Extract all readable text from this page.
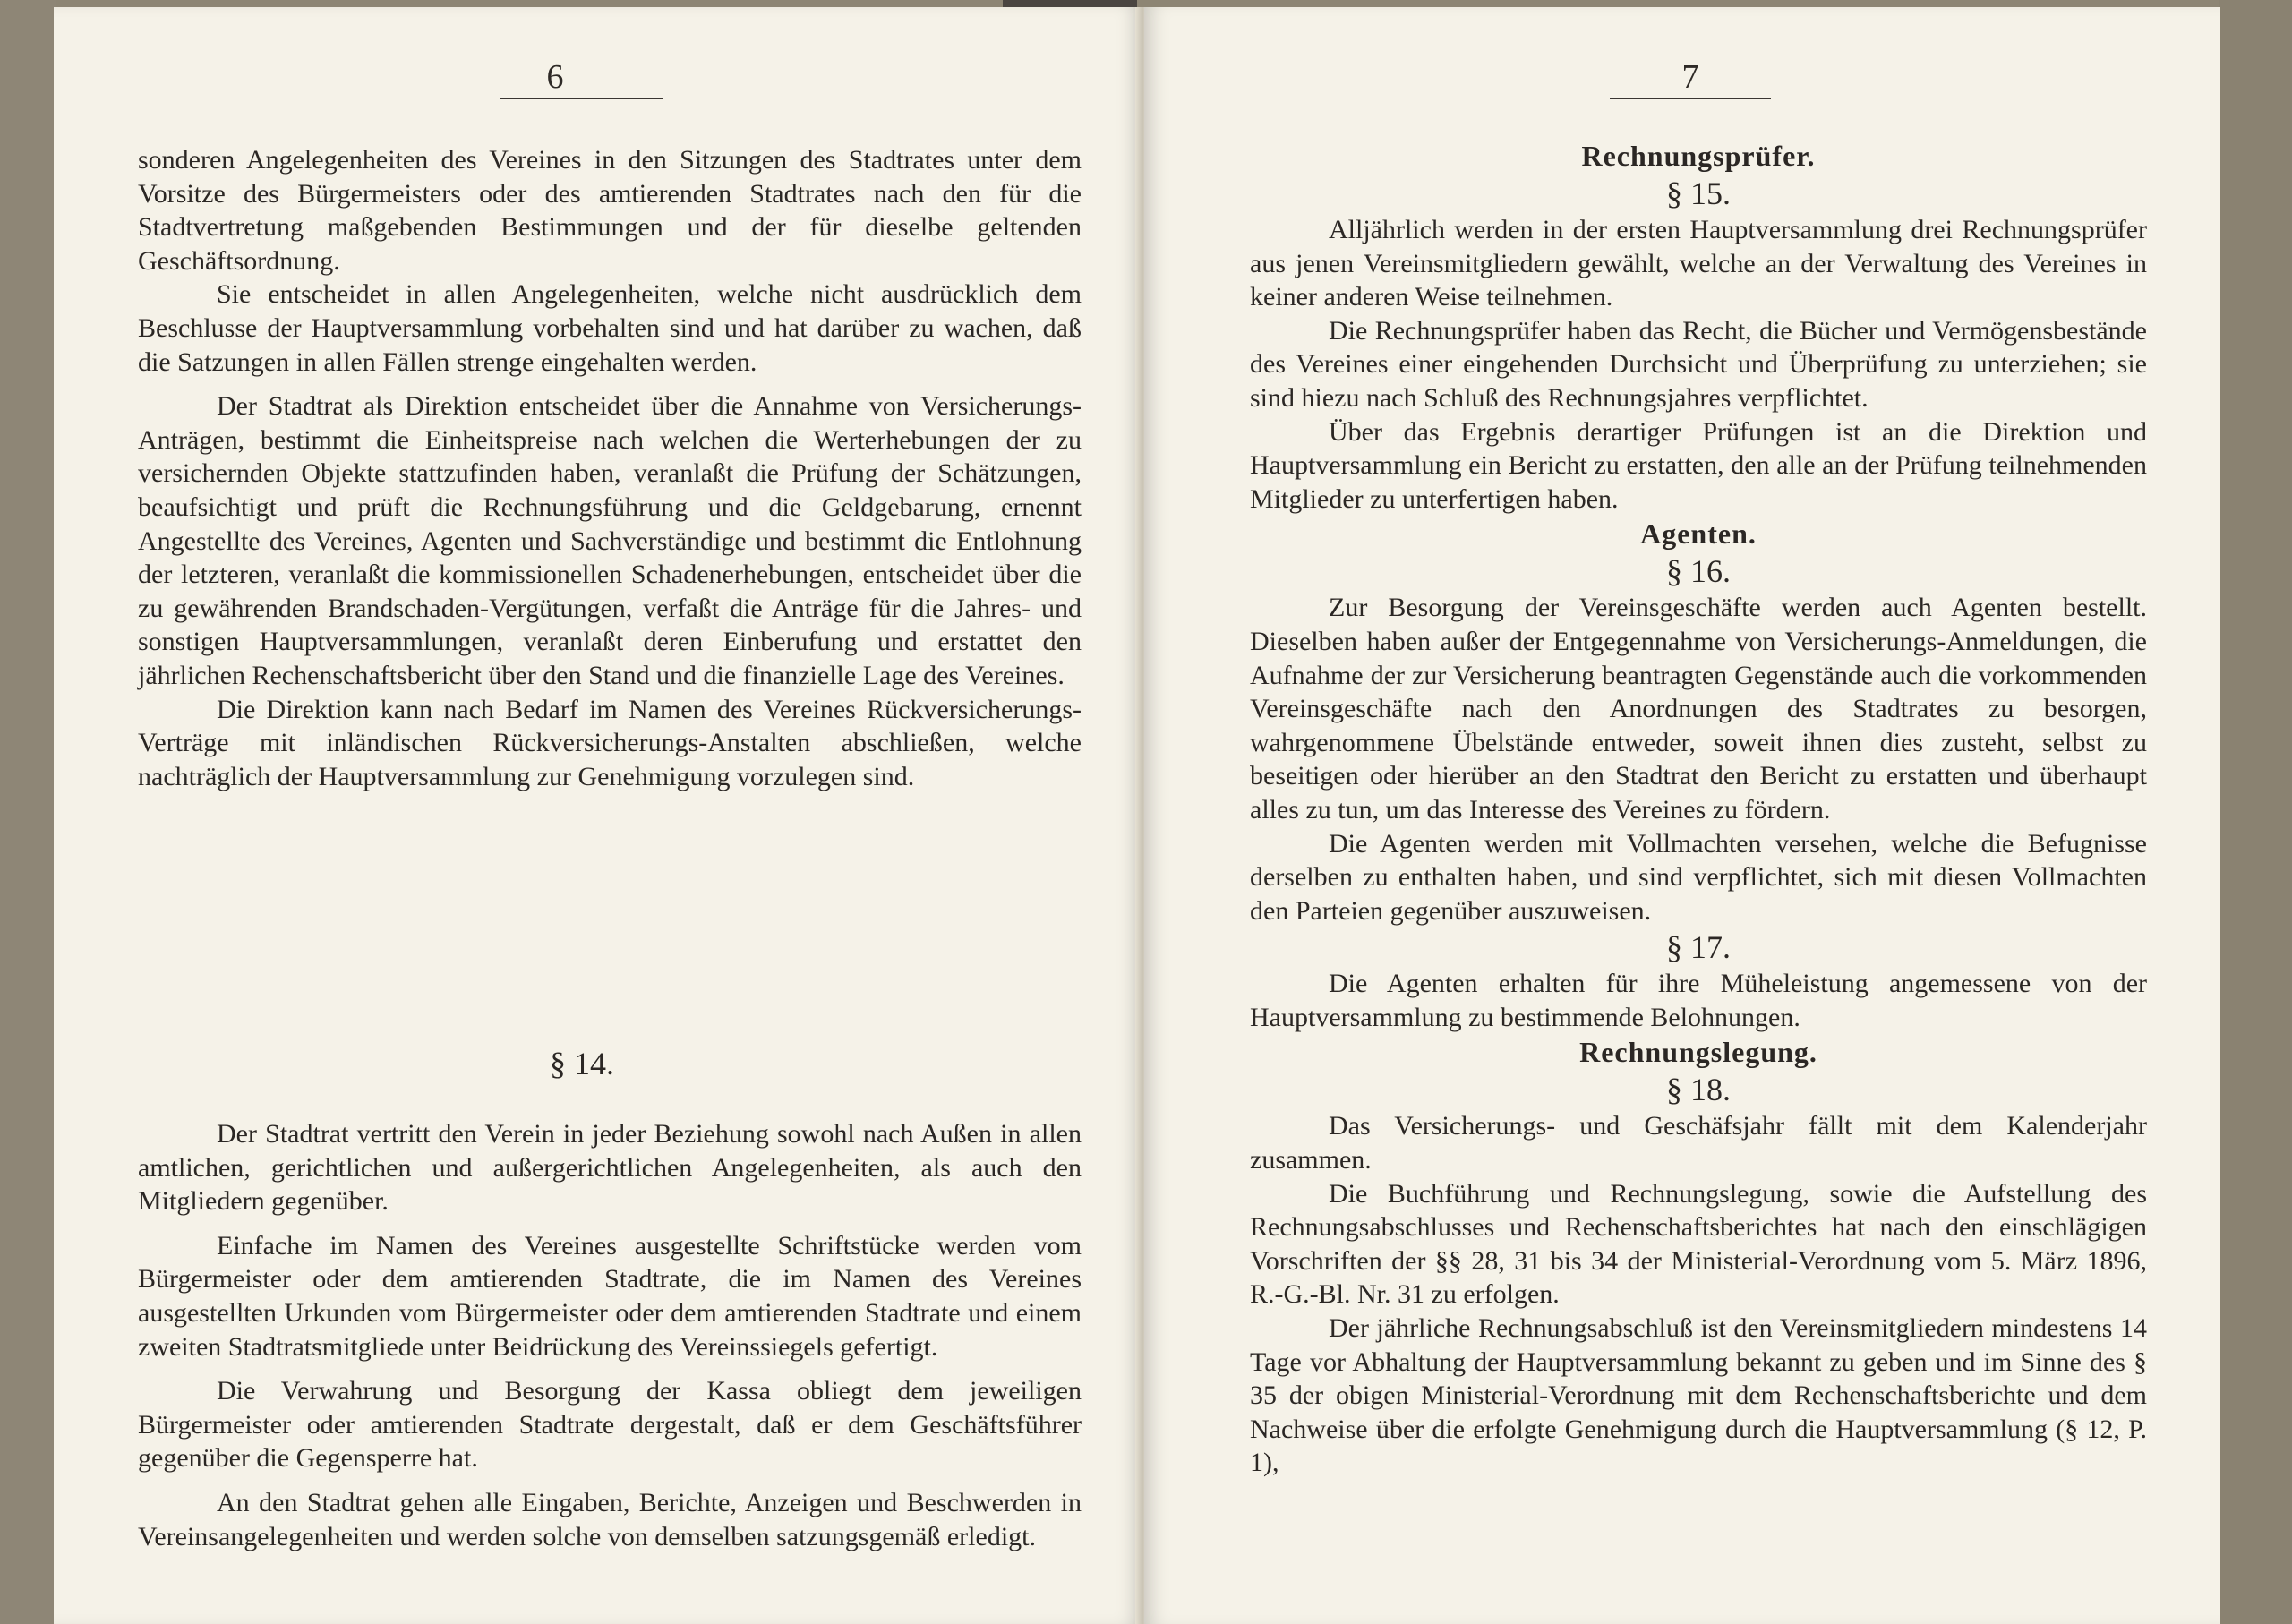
6

sonderen Angelegenheiten des Vereines in den Sitzungen des Stadtrates unter dem Vorsitze des Bürgermeisters oder des amtierenden Stadtrates nach den für die Stadtvertretung maßgebenden Bestimmungen und der für dieselbe geltenden Geschäftsordnung.

Sie entscheidet in allen Angelegenheiten, welche nicht ausdrücklich dem Beschlusse der Hauptversammlung vorbehalten sind und hat darüber zu wachen, daß die Satzungen in allen Fällen strenge eingehalten werden.

Der Stadtrat als Direktion entscheidet über die Annahme von Versicherungs-Anträgen, bestimmt die Einheitspreise nach welchen die Werterhebungen der zu versichernden Objekte stattzufinden haben, veranlaßt die Prüfung der Schätzungen, beaufsichtigt und prüft die Rechnungsführung und die Geldgebarung, ernennt Angestellte des Vereines, Agenten und Sachverständige und bestimmt die Entlohnung der letzteren, veranlaßt die kommissionellen Schadenerhebungen, entscheidet über die zu gewährenden Brandschaden-Vergütungen, verfaßt die Anträge für die Jahres- und sonstigen Hauptversammlungen, veranlaßt deren Einberufung und erstattet den jährlichen Rechenschaftsbericht über den Stand und die finanzielle Lage des Vereines.

Die Direktion kann nach Bedarf im Namen des Vereines Rückversicherungs-Verträge mit inländischen Rückversicherungs-Anstalten abschließen, welche nachträglich der Hauptversammlung zur Genehmigung vorzulegen sind.

§ 14.

Der Stadtrat vertritt den Verein in jeder Beziehung sowohl nach Außen in allen amtlichen, gerichtlichen und außergerichtlichen Angelegenheiten, als auch den Mitgliedern gegenüber.

Einfache im Namen des Vereines ausgestellte Schriftstücke werden vom Bürgermeister oder dem amtierenden Stadtrate, die im Namen des Vereines ausgestellten Urkunden vom Bürgermeister oder dem amtierenden Stadtrate und einem zweiten Stadtratsmitgliede unter Beidrückung des Vereinssiegels gefertigt.

Die Verwahrung und Besorgung der Kassa obliegt dem jeweiligen Bürgermeister oder amtierenden Stadtrate dergestalt, daß er dem Geschäftsführer gegenüber die Gegensperre hat.

An den Stadtrat gehen alle Eingaben, Berichte, Anzeigen und Beschwerden in Vereinsangelegenheiten und werden solche von demselben satzungsgemäß erledigt.

7
Rechnungsprüfer.
§ 15.

Alljährlich werden in der ersten Hauptversammlung drei Rechnungsprüfer aus jenen Vereinsmitgliedern gewählt, welche an der Verwaltung des Vereines in keiner anderen Weise teilnehmen.

Die Rechnungsprüfer haben das Recht, die Bücher und Vermögensbestände des Vereines einer eingehenden Durchsicht und Überprüfung zu unterziehen; sie sind hiezu nach Schluß des Rechnungsjahres verpflichtet.

Über das Ergebnis derartiger Prüfungen ist an die Direktion und Hauptversammlung ein Bericht zu erstatten, den alle an der Prüfung teilnehmenden Mitglieder zu unterfertigen haben.

Agenten.
§ 16.

Zur Besorgung der Vereinsgeschäfte werden auch Agenten bestellt. Dieselben haben außer der Entgegennahme von Versicherungs-Anmeldungen, die Aufnahme der zur Versicherung beantragten Gegenstände auch die vorkommenden Vereinsgeschäfte nach den Anordnungen des Stadtrates zu besorgen, wahrgenommene Übelstände entweder, soweit ihnen dies zusteht, selbst zu beseitigen oder hierüber an den Stadtrat den Bericht zu erstatten und überhaupt alles zu tun, um das Interesse des Vereines zu fördern.

Die Agenten werden mit Vollmachten versehen, welche die Befugnisse derselben zu enthalten haben, und sind verpflichtet, sich mit diesen Vollmachten den Parteien gegenüber auszuweisen.

§ 17.

Die Agenten erhalten für ihre Müheleistung angemessene von der Hauptversammlung zu bestimmende Belohnungen.

Rechnungslegung.
§ 18.

Das Versicherungs- und Geschäfsjahr fällt mit dem Kalenderjahr zusammen.

Die Buchführung und Rechnungslegung, sowie die Aufstellung des Rechnungsabschlusses und Rechenschaftsberichtes hat nach den einschlägigen Vorschriften der §§ 28, 31 bis 34 der Ministerial-Verordnung vom 5. März 1896, R.-G.-Bl. Nr. 31 zu erfolgen.

Der jährliche Rechnungsabschluß ist den Vereinsmitgliedern mindestens 14 Tage vor Abhaltung der Hauptversammlung bekannt zu geben und im Sinne des § 35 der obigen Ministerial-Verordnung mit dem Rechenschaftsberichte und dem Nachweise über die erfolgte Genehmigung durch die Hauptversammlung (§ 12, P. 1),
